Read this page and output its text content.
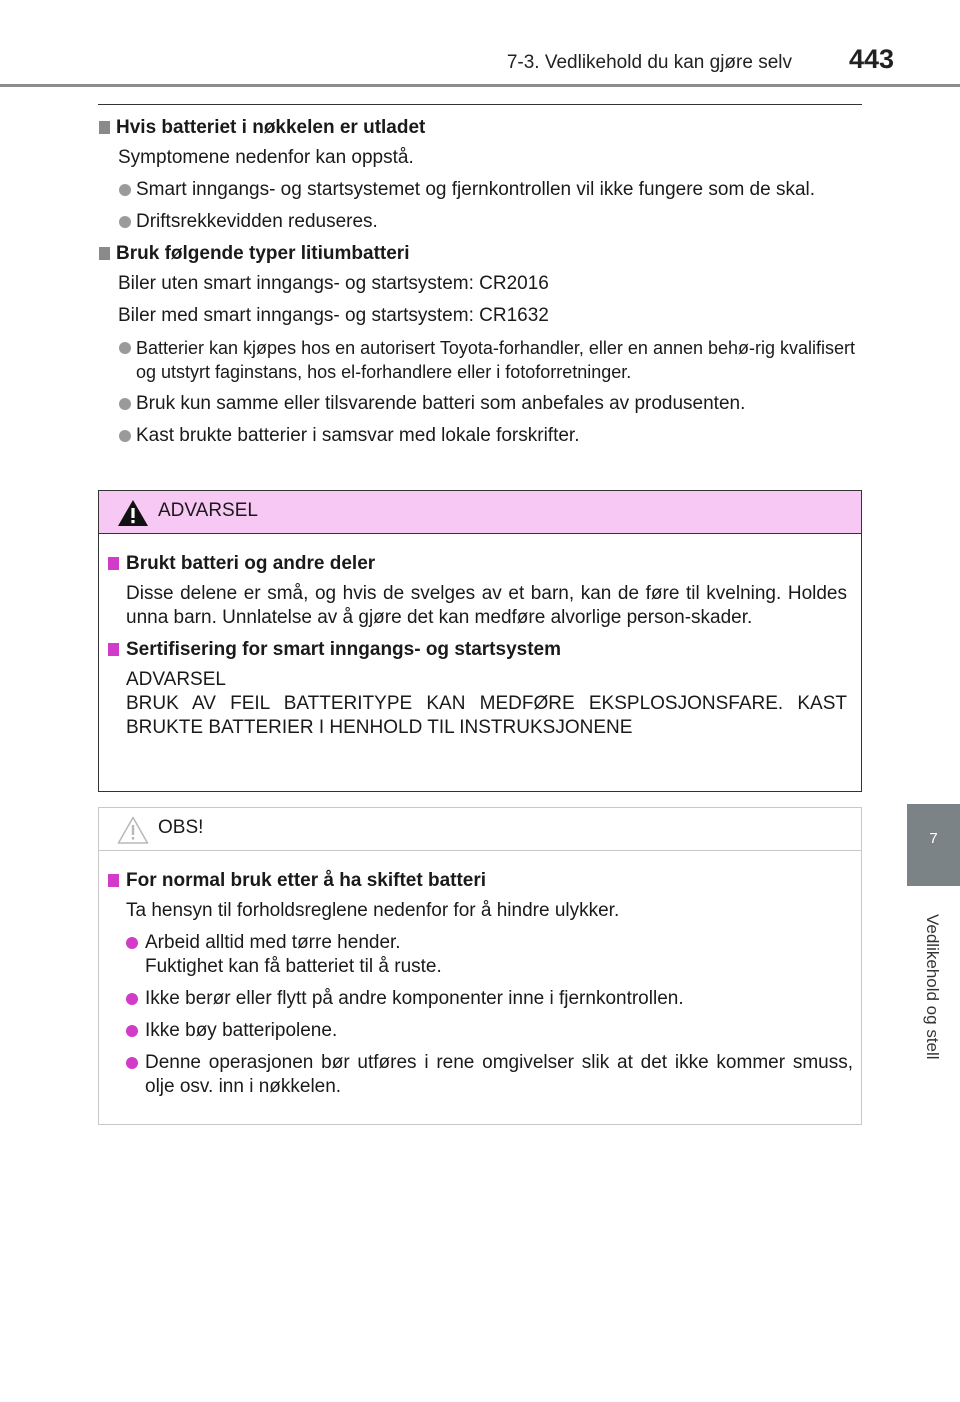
7-3. Vedlikehold du kan gjøre selv 443
7
Vedlikehold og stell
Hvis batteriet i nøkkelen er utladet
Symptomene nedenfor kan oppstå.
Smart inngangs- og startsystemet og fjernkontrollen vil ikke fungere som de skal.
Driftsrekkevidden reduseres.
Bruk følgende typer litiumbatteri
Biler uten smart inngangs- og startsystem: CR2016
Biler med smart inngangs- og startsystem: CR1632
Batterier kan kjøpes hos en autorisert Toyota-forhandler, eller en annen behø-rig kvalifisert og utstyrt faginstans, hos el-forhandlere eller i fotoforretninger.
Bruk kun samme eller tilsvarende batteri som anbefales av produsenten.
Kast brukte batterier i samsvar med lokale forskrifter.
ADVARSEL
Brukt batteri og andre deler
Disse delene er små, og hvis de svelges av et barn, kan de føre til kvelning. Holdes unna barn. Unnlatelse av å gjøre det kan medføre alvorlige person-skader.
Sertifisering for smart inngangs- og startsystem
ADVARSEL
BRUK AV FEIL BATTERITYPE KAN MEDFØRE EKSPLOSJONSFARE. KAST BRUKTE BATTERIER I HENHOLD TIL INSTRUKSJONENE
OBS!
For normal bruk etter å ha skiftet batteri
Ta hensyn til forholdsreglene nedenfor for å hindre ulykker.
Arbeid alltid med tørre hender.
Fuktighet kan få batteriet til å ruste.
Ikke berør eller flytt på andre komponenter inne i fjernkontrollen.
Ikke bøy batteripolene.
Denne operasjonen bør utføres i rene omgivelser slik at det ikke kommer smuss, olje osv. inn i nøkkelen.
